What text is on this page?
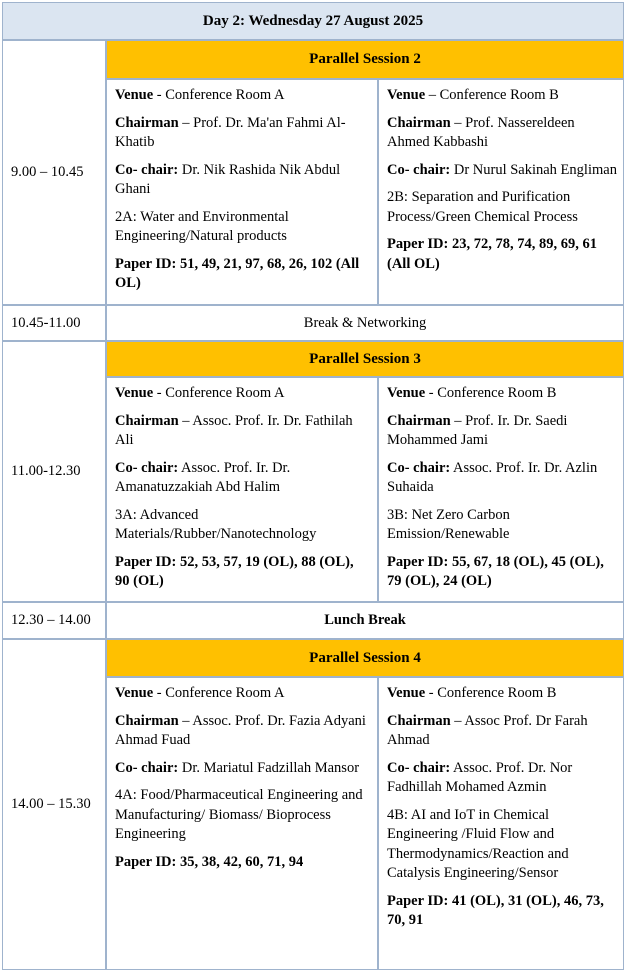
Day 2: Wednesday 27 August 2025
9.00 – 10.45
Parallel Session 2

Venue - Conference Room A

Chairman – Prof. Dr. Ma'an Fahmi Al-Khatib

Co- chair: Dr. Nik Rashida Nik Abdul Ghani

2A: Water and Environmental Engineering/Natural products

Paper ID: 51, 49, 21, 97, 68, 26, 102 (All OL)

Venue – Conference Room B

Chairman – Prof. Nassereldeen Ahmed Kabbashi

Co- chair: Dr Nurul Sakinah Engliman

2B: Separation and Purification Process/Green Chemical Process

Paper ID: 23, 72, 78, 74, 89, 69, 61 (All OL)

10.45-11.00	Break & Networking
11.00-12.30
Parallel Session 3

Venue - Conference Room A

Chairman – Assoc. Prof. Ir. Dr. Fathilah Ali

Co- chair: Assoc. Prof. Ir. Dr. Amanatuzzakiah Abd Halim

3A: Advanced Materials/Rubber/Nanotechnology

Paper ID: 52, 53, 57, 19 (OL), 88 (OL), 90 (OL)

Venue - Conference Room B

Chairman – Prof. Ir. Dr. Saedi Mohammed Jami

Co- chair: Assoc. Prof. Ir. Dr. Azlin Suhaida

3B: Net Zero Carbon Emission/Renewable

Paper ID: 55, 67, 18 (OL), 45 (OL), 79 (OL), 24 (OL)

12.30 – 14.00	Lunch Break
14.00 – 15.30
Parallel Session 4

Venue - Conference Room A

Chairman – Assoc. Prof. Dr. Fazia Adyani Ahmad Fuad

Co- chair: Dr. Mariatul Fadzillah Mansor

4A: Food/Pharmaceutical Engineering and Manufacturing/ Biomass/ Bioprocess Engineering

Paper ID: 35, 38, 42, 60, 71, 94

Venue - Conference Room B

Chairman – Assoc Prof. Dr Farah Ahmad

Co- chair: Assoc. Prof. Dr. Nor Fadhillah Mohamed Azmin

4B: AI and IoT in Chemical Engineering /Fluid Flow and Thermodynamics/Reaction and Catalysis Engineering/Sensor

Paper ID: 41 (OL), 31 (OL), 46, 73, 70, 91
